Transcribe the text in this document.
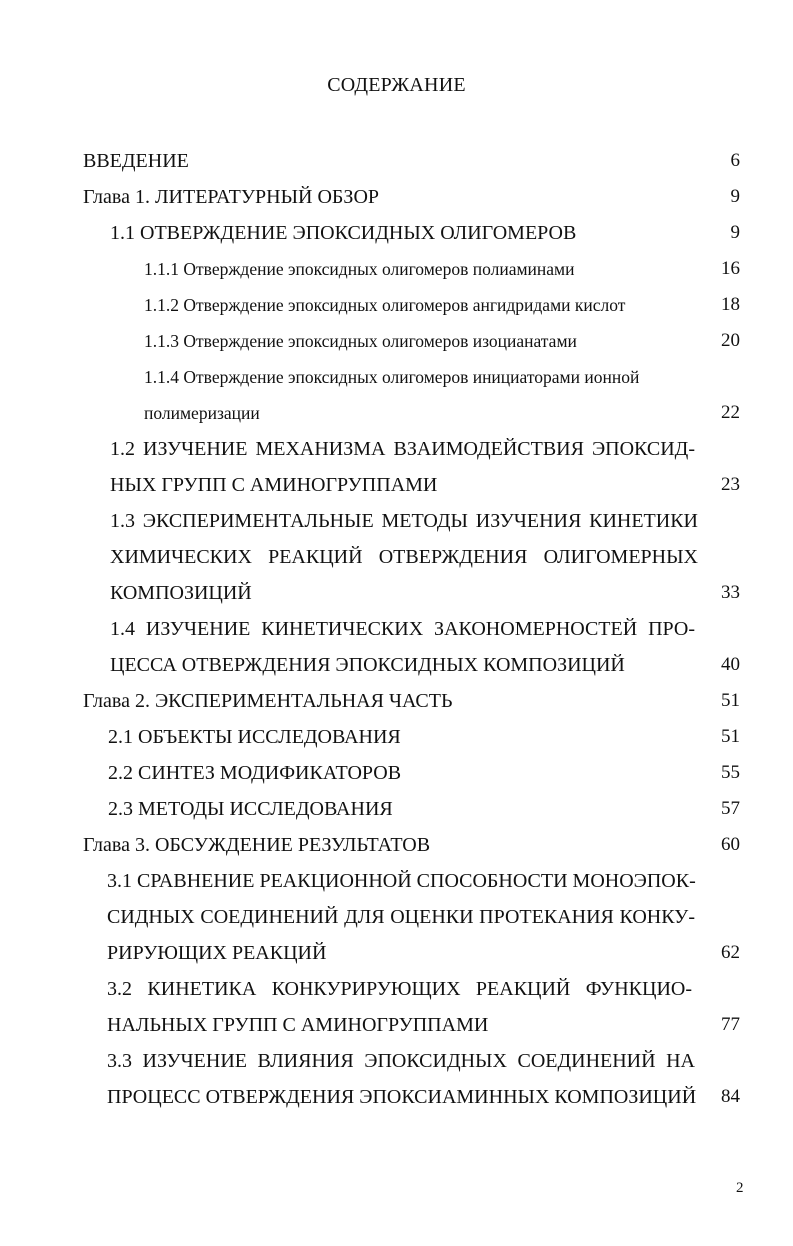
СОДЕРЖАНИЕ
ВВЕДЕНИЕ	6
Глава 1. ЛИТЕРАТУРНЫЙ ОБЗОР	9
1.1 ОТВЕРЖДЕНИЕ ЭПОКСИДНЫХ ОЛИГОМЕРОВ	9
1.1.1 Отверждение эпоксидных олигомеров полиаминами	16
1.1.2 Отверждение эпоксидных олигомеров ангидридами кислот	18
1.1.3 Отверждение эпоксидных олигомеров изоцианатами	20
1.1.4 Отверждение эпоксидных олигомеров инициаторами ионной
полимеризации	22
1.2 ИЗУЧЕНИЕ МЕХАНИЗМА ВЗАИМОДЕЙСТВИЯ ЭПОКСИД-
НЫХ ГРУПП С АМИНОГРУППАМИ	23
1.3 ЭКСПЕРИМЕНТАЛЬНЫЕ МЕТОДЫ ИЗУЧЕНИЯ КИНЕТИКИ
ХИМИЧЕСКИХ РЕАКЦИЙ ОТВЕРЖДЕНИЯ ОЛИГОМЕРНЫХ
КОМПОЗИЦИЙ	33
1.4 ИЗУЧЕНИЕ КИНЕТИЧЕСКИХ ЗАКОНОМЕРНОСТЕЙ ПРО-
ЦЕССА ОТВЕРЖДЕНИЯ ЭПОКСИДНЫХ КОМПОЗИЦИЙ	40
Глава 2. ЭКСПЕРИМЕНТАЛЬНАЯ ЧАСТЬ	51
2.1 ОБЪЕКТЫ ИССЛЕДОВАНИЯ	51
2.2 СИНТЕЗ МОДИФИКАТОРОВ	55
2.3 МЕТОДЫ ИССЛЕДОВАНИЯ	57
Глава 3. ОБСУЖДЕНИЕ РЕЗУЛЬТАТОВ	60
3.1 СРАВНЕНИЕ РЕАКЦИОННОЙ СПОСОБНОСТИ МОНОЭПОК-
СИДНЫХ СОЕДИНЕНИЙ ДЛЯ ОЦЕНКИ ПРОТЕКАНИЯ КОНКУ-
РИРУЮЩИХ РЕАКЦИЙ	62
3.2 КИНЕТИКА КОНКУРИРУЮЩИХ РЕАКЦИЙ ФУНКЦИО-
НАЛЬНЫХ ГРУПП С АМИНОГРУППАМИ	77
3.3 ИЗУЧЕНИЕ ВЛИЯНИЯ ЭПОКСИДНЫХ СОЕДИНЕНИЙ НА
ПРОЦЕСС ОТВЕРЖДЕНИЯ ЭПОКСИАМИННЫХ КОМПОЗИЦИЙ	84
2
